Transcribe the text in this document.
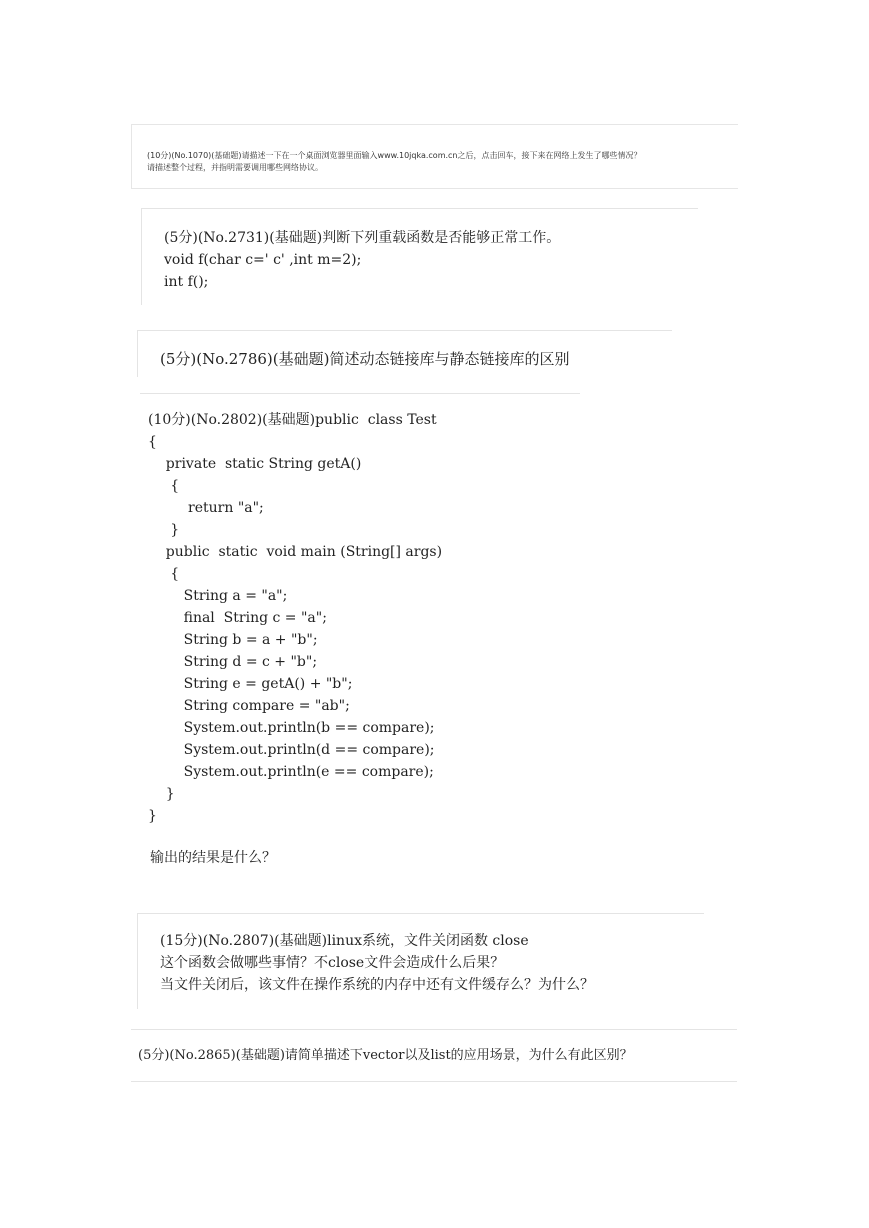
(10分)(No.1070)(基础题)请描述一下在一个桌面浏览器里面输入www.10jqka.com.cn之后，点击回车，接下来在网络上发生了哪些情况？

请描述整个过程，并指明需要调用哪些网络协议。

(5分)(No.2731)(基础题)判断下列重载函数是否能够正常工作。

void f(char c=' c' ,int m=2);

int f();

(5分)(No.2786)(基础题)简述动态链接库与静态链接库的区别

(10分)(No.2802)(基础题)public  class Test
{
private  static String getA()
{
return "a";
}
public  static  void main (String[] args)
{
String a = "a";
final  String c = "a";
String b = a + "b";
String d = c + "b";
String e = getA() + "b";
String compare = "ab";
System.out.println(b == compare);
System.out.println(d == compare);
System.out.println(e == compare);
}
}
输出的结果是什么？

(15分)(No.2807)(基础题)linux系统，文件关闭函数 close

这个函数会做哪些事情？不close文件会造成什么后果？

当文件关闭后，该文件在操作系统的内存中还有文件缓存么？为什么？

(5分)(No.2865)(基础题)请简单描述下vector以及list的应用场景，为什么有此区别？
